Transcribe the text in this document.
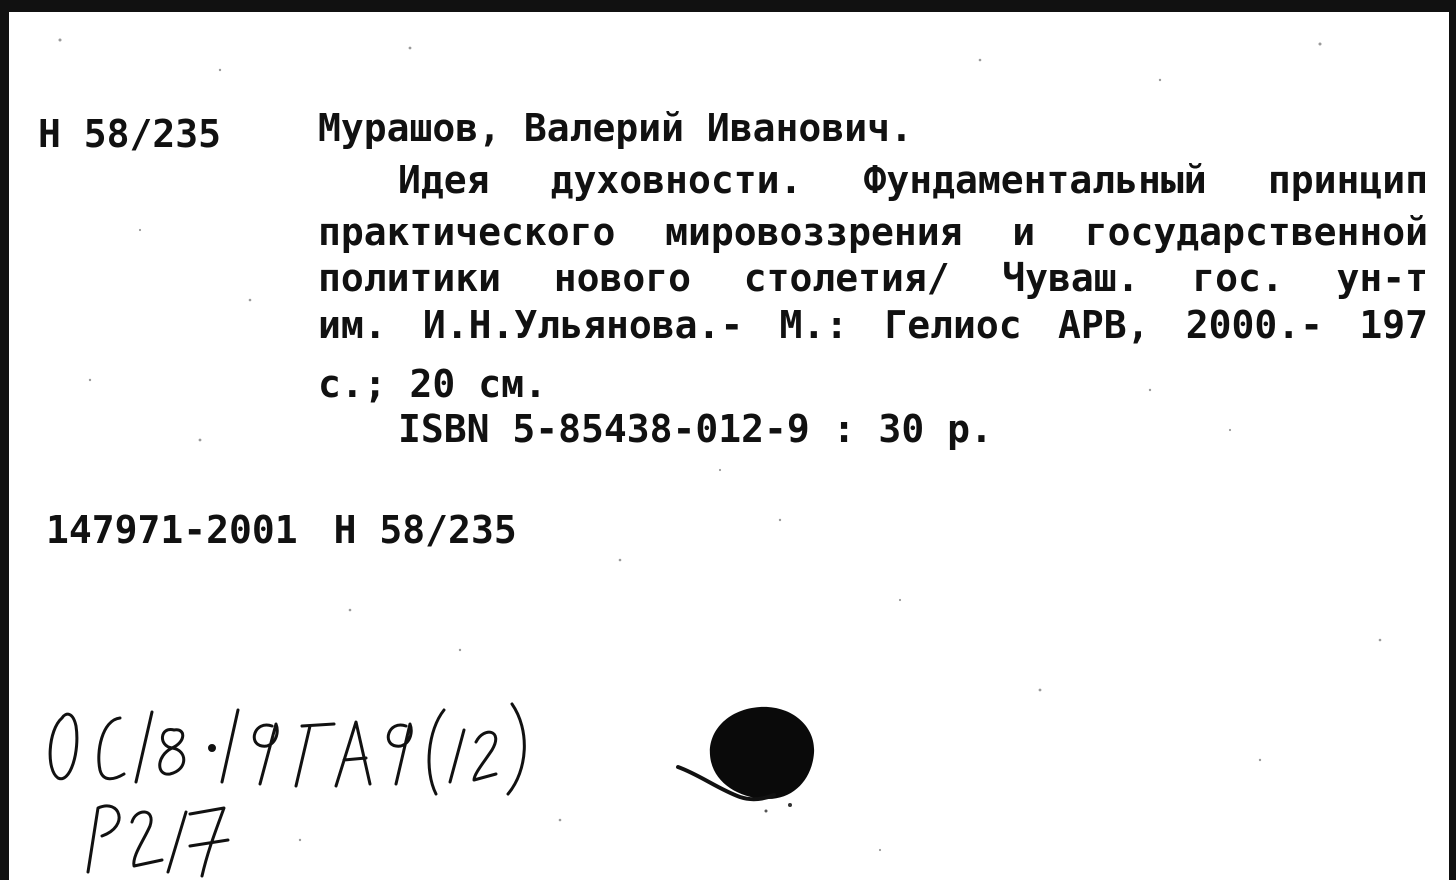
Н 58/235	Мурашов, Валерий Иванович.
Идея духовности. Фундаментальный принцип
практического мировоззрения и государственной
политики нового столетия/ Чуваш. гос. ун-т
им. И.Н.Ульянова.- М.: Гелиос АРВ, 2000.- 197
с.; 20 см.
ISBN 5-85438-012-9 : 30 р.
147971-2001 Н 58/235
